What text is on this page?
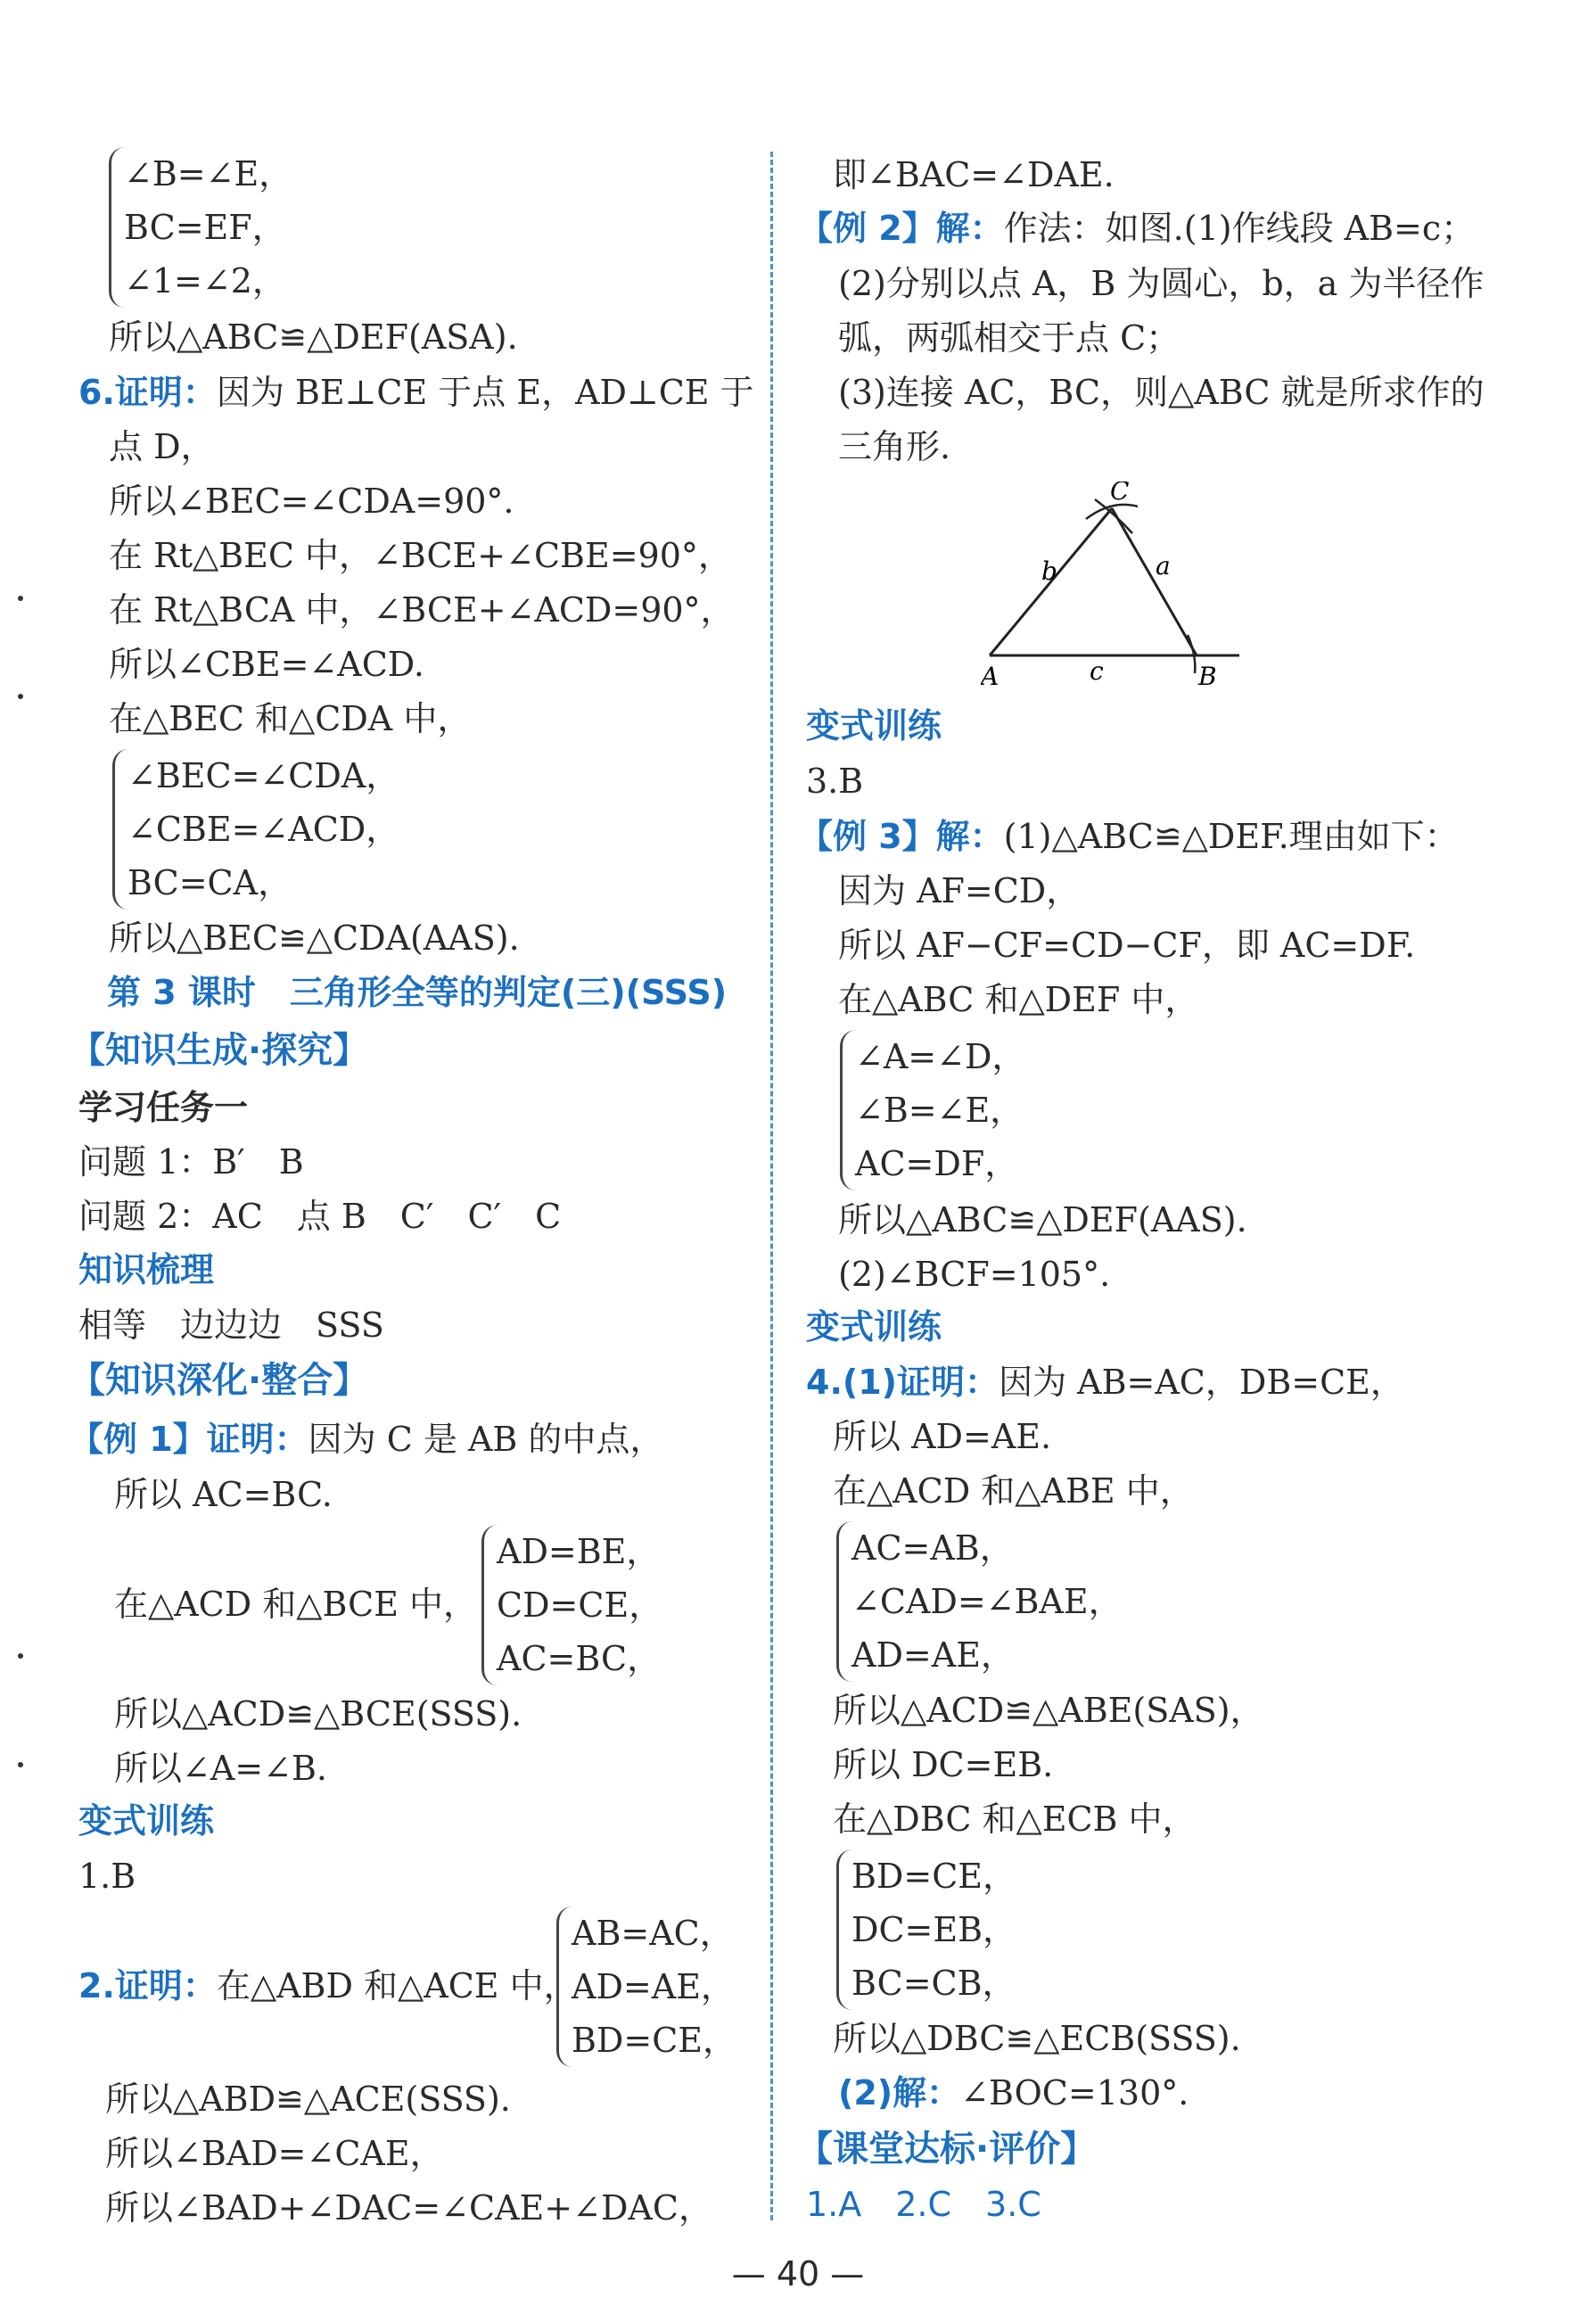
∠B=∠E，
BC=EF，
∠1=∠2，
所以△ABC≌△DEF(ASA).
6.证明：因为 BE⊥CE 于点 E，AD⊥CE 于
点 D，
所以∠BEC=∠CDA=90°.
在 Rt△BEC 中，∠BCE+∠CBE=90°，
在 Rt△BCA 中，∠BCE+∠ACD=90°，
所以∠CBE=∠ACD.
在△BEC 和△CDA 中，
∠BEC=∠CDA，
∠CBE=∠ACD，
BC=CA，
所以△BEC≌△CDA(AAS).
第 3 课时　三角形全等的判定(三)(SSS)
【知识生成·探究】
学习任务一
问题 1：B′　B
问题 2：AC　点 B　C′　C′　C
知识梳理
相等　边边边　SSS
【知识深化·整合】
【例 1】证明：因为 C 是 AB 的中点，
所以 AC=BC.
在△ACD 和△BCE 中，
AD=BE，
CD=CE，
AC=BC，
所以△ACD≌△BCE(SSS).
所以∠A=∠B.
变式训练
1.B
2.证明：在△ABD 和△ACE 中，
AB=AC，
AD=AE，
BD=CE，
所以△ABD≌△ACE(SSS).
所以∠BAD=∠CAE，
所以∠BAD+∠DAC=∠CAE+∠DAC，
即∠BAC=∠DAE.
【例 2】解：作法：如图.(1)作线段 AB=c；
(2)分别以点 A，B 为圆心，b，a 为半径作
弧，两弧相交于点 C；
(3)连接 AC，BC，则△ABC 就是所求作的
三角形.
C
A	B
b	a
c
变式训练
3.B
【例 3】解：(1)△ABC≌△DEF.理由如下：
因为 AF=CD，
所以 AF−CF=CD−CF，即 AC=DF.
在△ABC 和△DEF 中，
∠A=∠D，
∠B=∠E，
AC=DF，
所以△ABC≌△DEF(AAS).
(2)∠BCF=105°.
变式训练
4.(1)证明：因为 AB=AC，DB=CE，
所以 AD=AE.
在△ACD 和△ABE 中，
AC=AB，
∠CAD=∠BAE，
AD=AE，
所以△ACD≌△ABE(SAS)，
所以 DC=EB.
在△DBC 和△ECB 中，
BD=CE，
DC=EB，
BC=CB，
所以△DBC≌△ECB(SSS).
(2)解：∠BOC=130°.
【课堂达标·评价】
1.A　2.C　3.C
— 40 —
